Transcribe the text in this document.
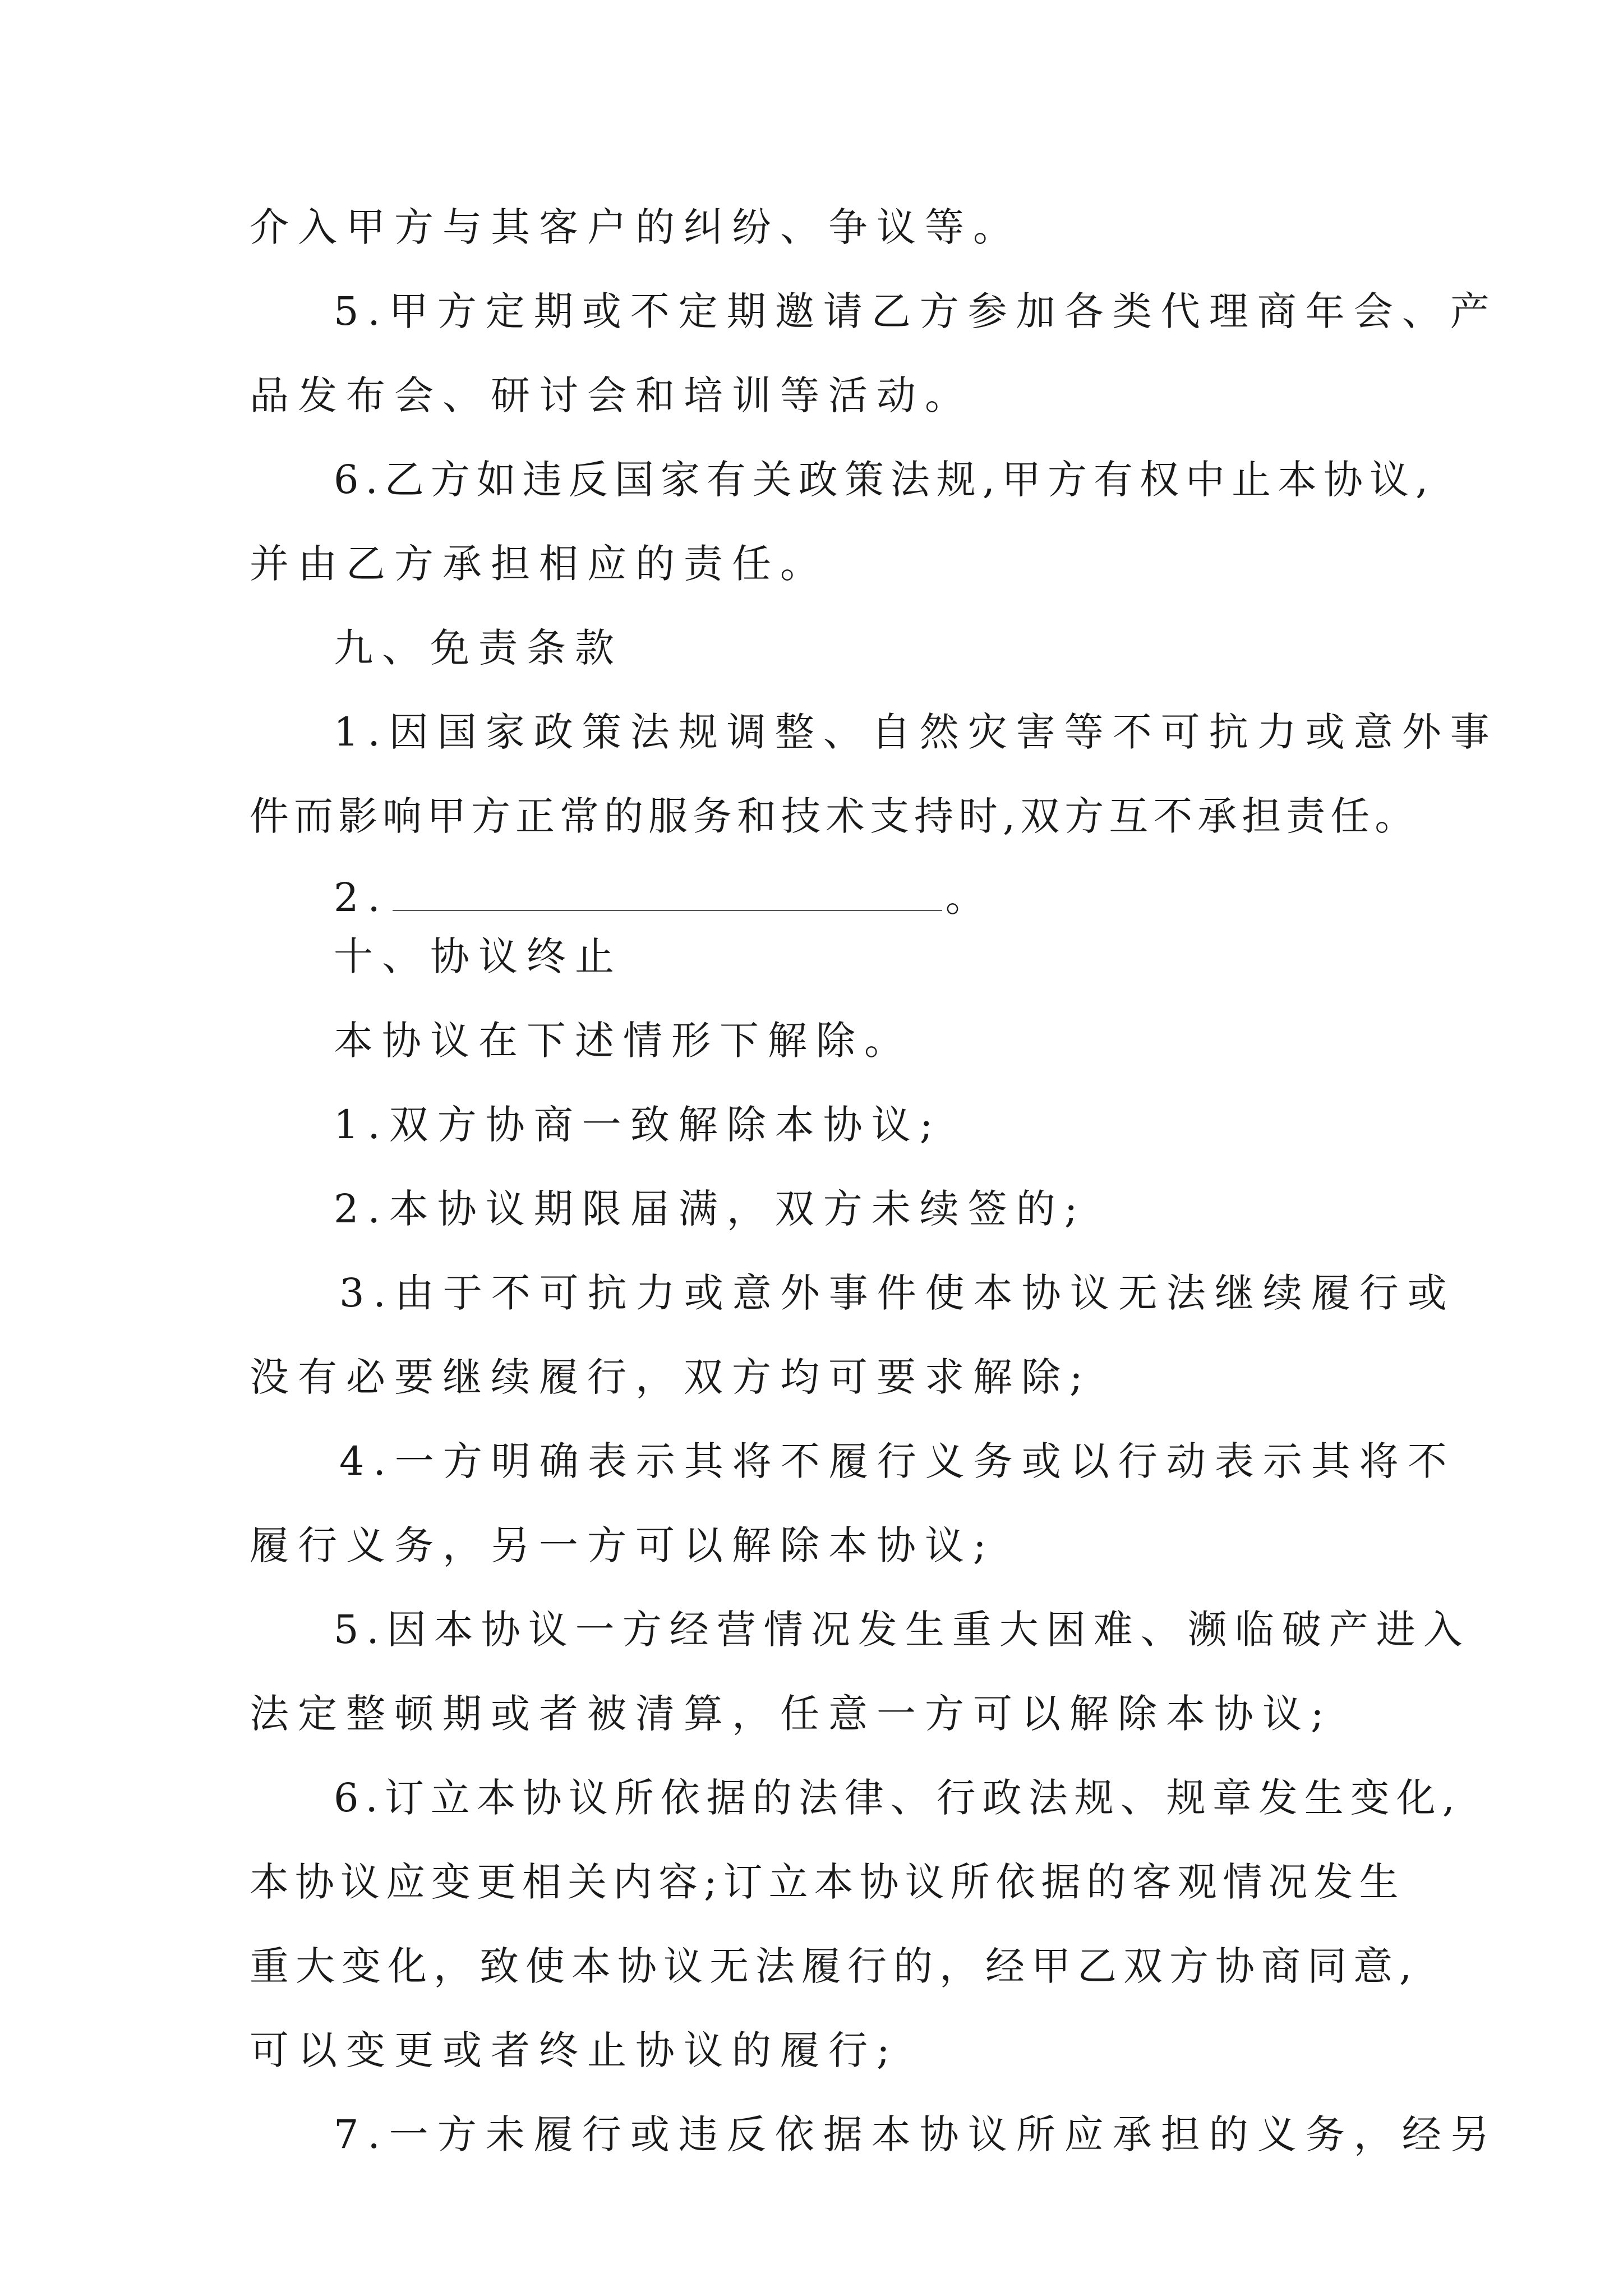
介入甲方与其客户的纠纷、争议等。
5.甲方定期或不定期邀请乙方参加各类代理商年会、产
品发布会、研讨会和培训等活动。
6.乙方如违反国家有关政策法规,甲方有权中止本协议,
并由乙方承担相应的责任。
九、免责条款
1.因国家政策法规调整、自然灾害等不可抗力或意外事
件而影响甲方正常的服务和技术支持时,双方互不承担责任。
2.	。
十、协议终止
本协议在下述情形下解除。
1.双方协商一致解除本协议;
2.本协议期限届满，双方未续签的;
3.由于不可抗力或意外事件使本协议无法继续履行或
没有必要继续履行，双方均可要求解除;
4.一方明确表示其将不履行义务或以行动表示其将不
履行义务，另一方可以解除本协议;
5.因本协议一方经营情况发生重大困难、濒临破产进入
法定整顿期或者被清算，任意一方可以解除本协议;
6.订立本协议所依据的法律、行政法规、规章发生变化,
本协议应变更相关内容;订立本协议所依据的客观情况发生
重大变化，致使本协议无法履行的，经甲乙双方协商同意,
可以变更或者终止协议的履行;
7.一方未履行或违反依据本协议所应承担的义务，经另
